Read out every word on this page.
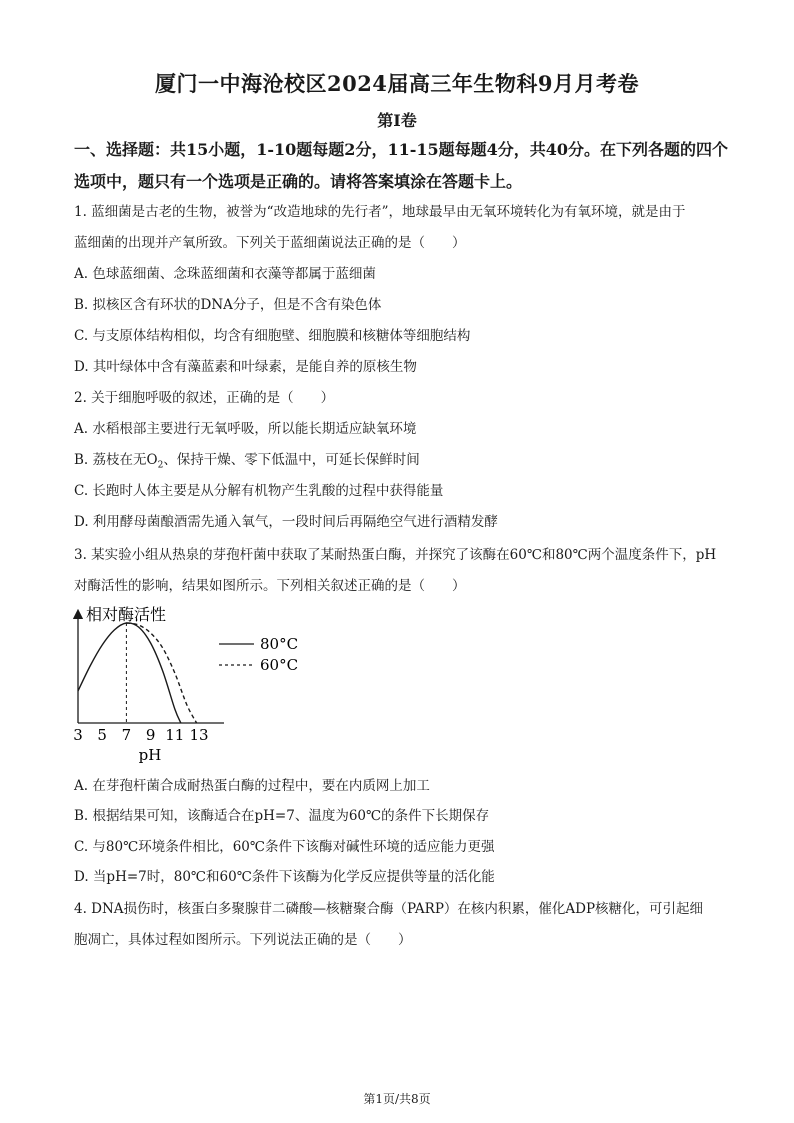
厦门一中海沧校区2024届高三年生物科9月月考卷
第Ⅰ卷

一、选择题：共15小题，1-10题每题2分，11-15题每题4分，共40分。在下列各题的四个

选项中，题只有一个选项是正确的。请将答案填涂在答题卡上。

1. 蓝细菌是古老的生物，被誉为“改造地球的先行者”，地球最早由无氧环境转化为有氧环境，就是由于

蓝细菌的出现并产氧所致。下列关于蓝细菌说法正确的是（　　）

A. 色球蓝细菌、念珠蓝细菌和衣藻等都属于蓝细菌

B. 拟核区含有环状的DNA分子，但是不含有染色体

C. 与支原体结构相似，均含有细胞壁、细胞膜和核糖体等细胞结构

D. 其叶绿体中含有藻蓝素和叶绿素，是能自养的原核生物

2. 关于细胞呼吸的叙述，正确的是（　　）

A. 水稻根部主要进行无氧呼吸，所以能长期适应缺氧环境

B. 荔枝在无$O_2$、保持干燥、零下低温中，可延长保鲜时间

C. 长跑时人体主要是从分解有机物产生乳酸的过程中获得能量

D. 利用酵母菌酿酒需先通入氧气，一段时间后再隔绝空气进行酒精发酵

3. 某实验小组从热泉的芽孢杆菌中获取了某耐热蛋白酶，并探究了该酶在60℃和80℃两个温度条件下，pH

对酶活性的影响，结果如图所示。下列相关叙述正确的是（　　）

相对酶活性
3 5 7 9 11 13
80°C
60°C
pH

A. 在芽孢杆菌合成耐热蛋白酶的过程中，要在内质网上加工

B. 根据结果可知，该酶适合在pH=7、温度为60℃的条件下长期保存

C. 与80℃环境条件相比，60℃条件下该酶对碱性环境的适应能力更强

D. 当pH=7时，80℃和60℃条件下该酶为化学反应提供等量的活化能

4. DNA损伤时，核蛋白多聚腺苷二磷酸—核糖聚合酶（PARP）在核内积累，催化ADP核糖化，可引起细

胞凋亡，具体过程如图所示。下列说法正确的是（　　）

第1页/共8页
